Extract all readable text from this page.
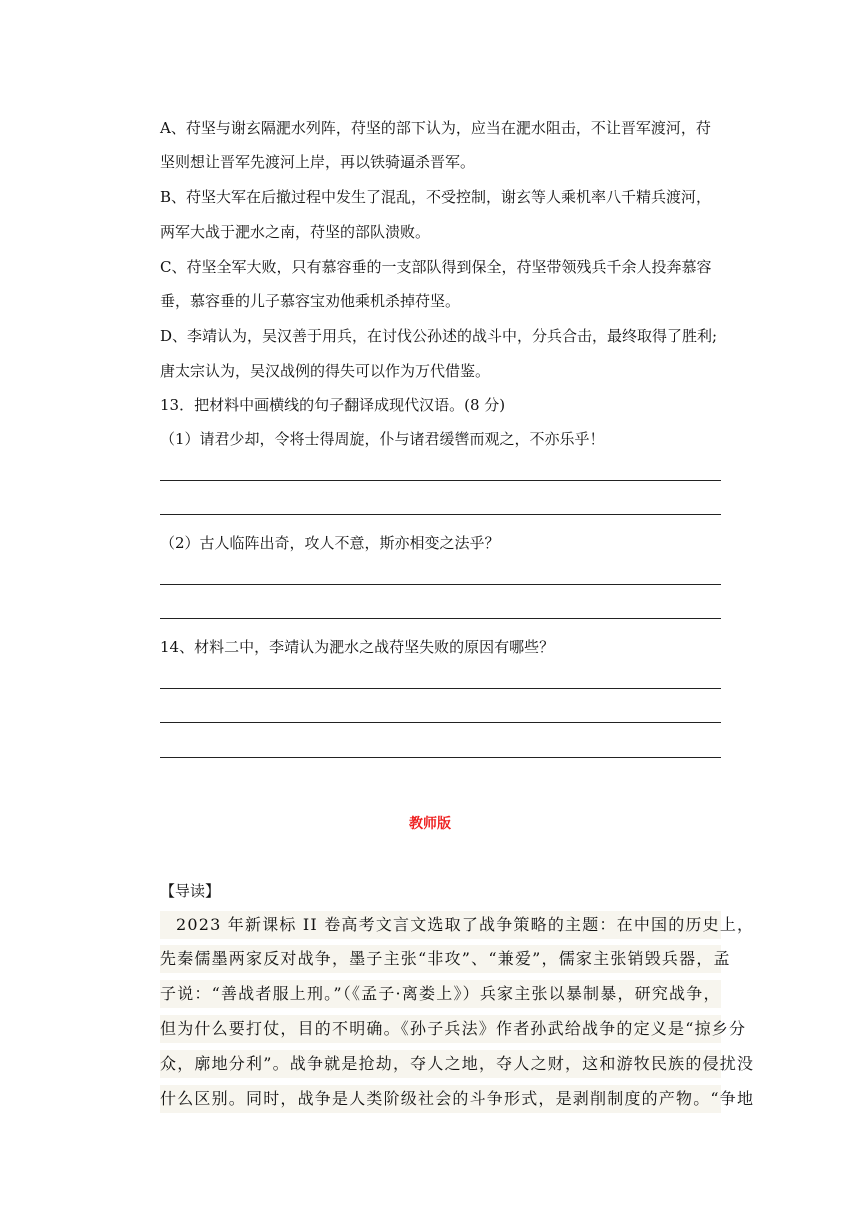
A、苻坚与谢玄隔淝水列阵，苻坚的部下认为，应当在淝水阻击，不让晋军渡河，苻
坚则想让晋军先渡河上岸，再以铁骑逼杀晋军。
B、苻坚大军在后撤过程中发生了混乱，不受控制，谢玄等人乘机率八千精兵渡河，
两军大战于淝水之南，苻坚的部队溃败。
C、苻坚全军大败，只有慕容垂的一支部队得到保全，苻坚带领残兵千余人投奔慕容
垂，慕容垂的儿子慕容宝劝他乘机杀掉苻坚。
D、李靖认为，吴汉善于用兵，在讨伐公孙述的战斗中，分兵合击，最终取得了胜利;
唐太宗认为，吴汉战例的得失可以作为万代借鉴。
13．把材料中画横线的句子翻译成现代汉语。(8 分)
（1）请君少却，令将士得周旋，仆与诸君缓辔而观之，不亦乐乎！
（2）古人临阵出奇，攻人不意，斯亦相变之法乎？
14、材料二中，李靖认为淝水之战苻坚失败的原因有哪些？
教师版
【导读】
2023 年新课标 II 卷高考文言文选取了战争策略的主题：在中国的历史上，
先秦儒墨两家反对战争，墨子主张“非攻”、“兼爱”，儒家主张销毁兵器，孟
子说：“善战者服上刑。”（《孟子·离娄上》）兵家主张以暴制暴，研究战争，
但为什么要打仗，目的不明确。《孙子兵法》作者孙武给战争的定义是“掠乡分
众，廓地分利”。战争就是抢劫，夺人之地，夺人之财，这和游牧民族的侵扰没
什么区别。同时，战争是人类阶级社会的斗争形式，是剥削制度的产物。“争地
